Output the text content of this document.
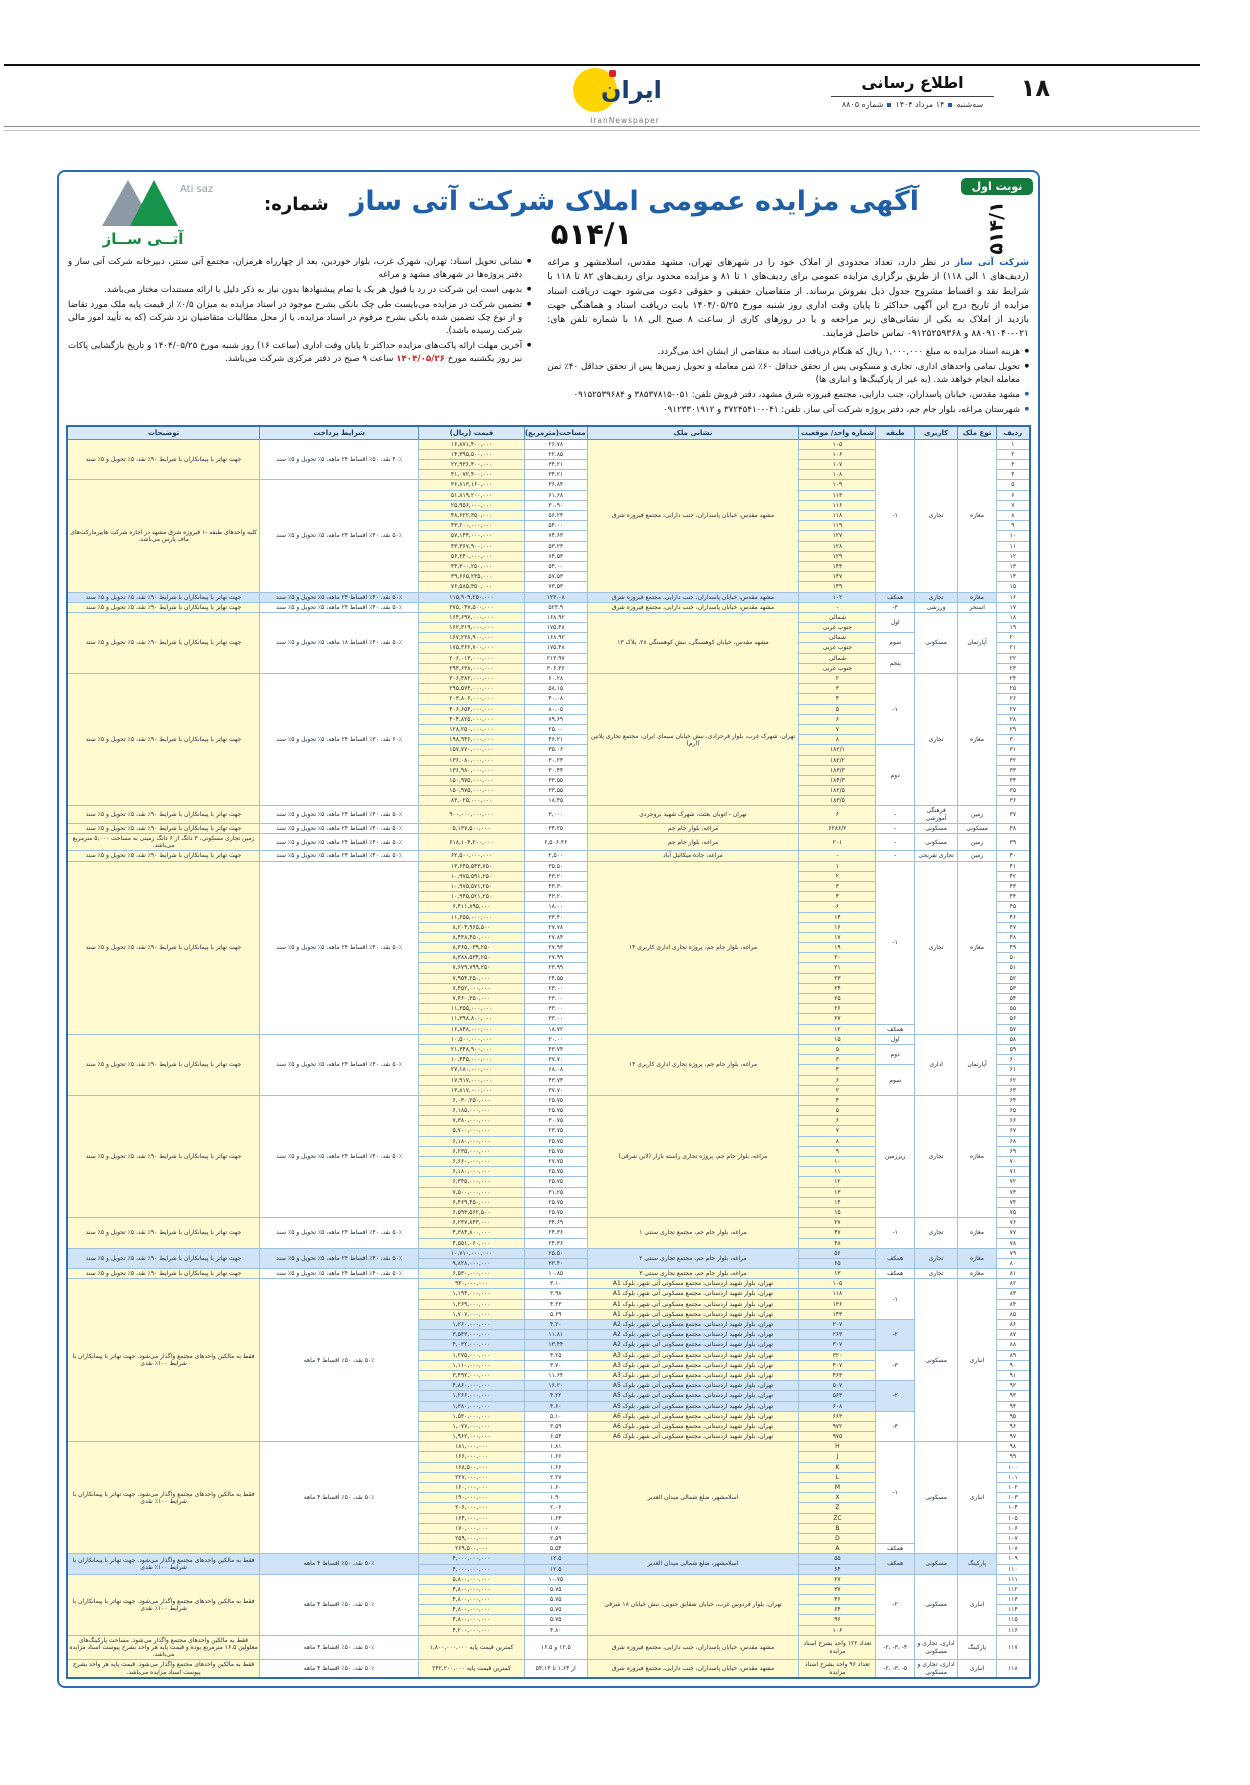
۱۸
اطلاع رسانی
سه‌شنبه۱۴ مرداد ۱۴۰۴شماره ۸۸۰۵
ایران
IranNewspaper
نوبت اول
۵۱۴/۱
آگهی مزایده عمومی املاک شرکت آتی ساز شماره: ۵۱۴/۱
Ati saz
آتــی ســاز

شرکت آتی ساز در نظر دارد، تعداد محدودی از املاک خود را در شهرهای تهران، مشهد مقدس، اسلامشهر و مراغه (ردیف‌های ۱ الی ۱۱۸) از طریق برگزاری مزایده عمومی برای ردیف‌های ۱ تا ۸۱ و مزایده محدود برای ردیف‌های ۸۲ تا ۱۱۸ با شرایط نقد و اقساط مشروح جدول ذیل بفروش برساند. از متقاضیان حقیقی و حقوقی دعوت می‌شود جهت دریافت اسناد مزایده از تاریخ درج این آگهی حداکثر تا پایان وقت اداری روز شنبه مورخ ۱۴۰۴/۰۵/۲۵ بابت دریافت اسناد و هماهنگی جهت بازدید از املاک به یکی از نشانی‌های زیر مراجعه و یا در روزهای کاری از ساعت ۸ صبح الی ۱۸ با شماره تلفن های: ۰۲۱-۸۸۰۹۱۰۴۰ و ۰۹۱۲۵۲۵۹۳۶۸ تماس حاصل فرمایند.

● هزینه اسناد مزایده به مبلغ ۱,۰۰۰,۰۰۰ ریال که هنگام دریافت اسناد به متقاضی از ایشان اخذ می‌گردد.
● تحویل تمامی واحدهای اداری، تجاری و مسکونی پس از تحقق حداقل ۶۰٪ ثمن معامله و تحویل زمین‌ها پس از تحقق حداقل ۴۰٪ ثمن معامله انجام خواهد شد. (به غیر از پارکینگ‌ها و انباری ها)
● مشهد مقدس، خیابان پاسداران، جنب دارایی، مجتمع فیروزه شرق مشهد، دفتر فروش تلفن: ۰۵۱-۳۸۵۳۷۸۱۵ و ۰۹۱۵۲۵۳۹۶۸۴
● شهرستان مراغه، بلوار جام جم، دفتر پروژه شرکت آتی ساز. تلفن: ۰۴۱-۳۷۲۴۵۴۱۰ و ۰۹۱۲۳۳۰۱۹۱۲
● نشانی تحویل اسناد: تهران، شهرک غرب، بلوار خوردین، بعد از چهارراه هرمزان، مجتمع آتی سنتر، دبیرخانه شرکت آتی ساز و دفتر پروژه‌ها در شهرهای مشهد و مراغه
● بدیهی است این شرکت در رد یا قبول هر یک یا تمام پیشنهادها بدون نیاز به ذکر دلیل با ارائه مستندات مختار می‌باشد.
● تضمین شرکت در مزایده می‌بایست طی چک بانکی بشرح موجود در اسناد مزایده به میزان ۰/۵٪ از قیمت پایه ملک مورد تقاضا و از نوع چک تضمین شده بانکی بشرح مرقوم در اسناد مزایده، یا از محل مطالبات متقاضیان نزد شرکت (که به تأیید امور مالی شرکت رسیده باشد).
● آخرین مهلت ارائه پاکت‌های مزایده حداکثر تا پایان وقت اداری (ساعت ۱۶) روز شنبه مورخ ۱۴۰۴/۰۵/۲۵ و تاریخ بازگشایی پاکات نیز روز یکشنبه مورخ ۱۴۰۴/۰۵/۲۶ ساعت ۹ صبح در دفتر مرکزی شرکت می‌باشد.
ردیف	نوع ملک	کاربری	طبقه	شماره واحد/ موقعیت	نشانی ملک	مساحت(مترمربع)	قیمت (ریال)	شرایط پرداخت	توضیحات
۱	مغازه	تجاری	-۱	۱۰۵	مشهد مقدس، خیابان پاسداران، جنب دارایی، مجتمع فیروزه شرق	۲۶.۷۸	۱۶,۸۷۱,۴۰۰,۰۰۰	۴۰٪ نقد، ۵۰٪ اقساط ۲۴ ماهه، ۵٪ تحویل و ۵٪ سند	جهت تهاتر با پیمانکاران با شرایط ۹۰٪ نقد، ۵٪ تحویل و ۵٪ سند
۲				۱۰۶		۲۲.۸۵	۱۴,۳۹۵,۵۰۰,۰۰۰		
۳				۱۰۷		۳۴.۲۱	۲۲,۹۳۶,۴۰۰,۰۰۰		
۴				۱۰۸		۳۴.۲۱	۴۱,۰۷۲,۴۰۰,۰۰۰		
۵				۱۰۹		۳۶.۸۴	۳۶,۸۱۳,۱۶۰,۰۰۰	۵۰٪ نقد، ۴۰٪ اقساط ۲۴ ماهه، ۵٪ تحویل و ۵٪ سند	کلیه واحدهای طبقه -۱ فیروزه شرق مشهد در اجاره شرکت هایپرمارکت‌های ماف پارس می‌باشد.
۶				۱۱۳		۶۱.۶۸	۵۱,۸۱۹,۲۰۰,۰۰۰		
۷				۱۱۶		۳۰.۹۰	۲۵,۹۵۶,۰۰۰,۰۰۰		
۸				۱۱۸		۵۶.۲۴	۴۸,۶۲۲,۳۵۰,۰۰۰		
۹				۱۱۹		۵۴.۰۰	۴۳,۲۰۰,۰۰۰,۰۰۰		
۱۰				۱۲۷		۷۴.۶۳	۵۷,۱۴۴,۰۰۰,۰۰۰		
۱۱				۱۲۸		۵۳.۲۳	۴۳,۳۶۷,۹۰۰,۰۰۰		
۱۲				۱۲۹		۷۴.۵۳	۵۶,۲۴۰,۰۰۰,۰۰۰		
۱۳				۱۴۳		۵۴.۰۰	۴۴,۳۰۰,۲۵۰,۰۰۰		
۱۴				۱۴۷		۵۷.۵۳	۳۹,۶۶۵,۲۳۵,۰۰۰		
۱۵				۱۴۹		۷۳.۵۳	۷۶,۵۸۵,۳۵۰,۰۰۰		
۱۶	مغازه	تجاری	همکف	۱۰۲	مشهد مقدس، خیابان پاسداران، جنب دارایی، مجتمع فیروزه شرق	۱۲۳.۰۸	۱۱۵,۹۰۹,۲۵۰,۰۰۰	۵۰٪ نقد، ۴۰٪ اقساط ۲۴ ماهه، ۵٪ تحویل و ۵٪ سند	جهت تهاتر با پیمانکاران با شرایط ۹۰٪ نقد، ۵٪ تحویل و ۵٪ سند
۱۷	استخر	ورزشی	-۳	-	مشهد مقدس، خیابان پاسداران، جنب دارایی، مجتمع فیروزه شرق	۵۲۳.۹	۲۷۵,۰۴۷,۵۰۰,۰۰۰	۵۰٪ نقد، ۴۰٪ اقساط ۲۴ ماهه، ۵٪ تحویل و ۵٪ سند	جهت تهاتر با پیمانکاران با شرایط ۹۰٪ نقد، ۵٪ تحویل و ۵٪ سند
۱۸	آپارتمان	مسکونی	اول	شمالی	مشهد مقدس، خیابان کوهسنگی، نبش کوهسنگی ۲۸، پلاک ۱۳	۱۶۸.۹۲	۱۶۴,۶۹۷,۰۰۰,۰۰۰	۵۰٪ نقد، ۴۰٪ اقساط ۱۸ ماهه، ۵٪ تحویل و ۵٪ سند	جهت تهاتر با پیمانکاران با شرایط ۹۰٪ نقد، ۵٪ تحویل و ۵٪ سند
۱۹				جنوب غربی		۱۷۵.۴۸	۱۶۲,۳۱۹,۰۰۰,۰۰۰		
۲۰			سوم	شمالی		۱۶۸.۹۲	۱۶۷,۲۳۸,۹۰۰,۰۰۰		
۲۱				جنوب غربی		۱۷۵.۴۸	۱۷۵,۳۶۶,۷۰۰,۰۰۰		
۲۲			پنجم	شمالی		۲۱۳.۹۷	۲۰۶,۰۱۳,۰۰۰,۰۰۰		
۲۳				جنوب غربی		۳۰۶.۳۶	۲۹۴,۶۳۸,۰۰۰,۰۰۰		
۲۴	مغازه	تجاری	-۱	۲	تهران، شهرک غرب، بلوار فرحزادی، نبش خیابان سیمای ایران، مجتمع تجاری پلاتین (ارم)	۶۰.۲۸	۳۰۶,۴۸۲,۰۰۰,۰۰۰	۶۰٪ نقد، ۳۰٪ اقساط ۲۴ ماهه، ۵٪ تحویل و ۵٪ سند	جهت تهاتر با پیمانکاران با شرایط ۹۰٪ نقد، ۵٪ تحویل و ۵٪ سند
۲۵				۳		۵۸.۱۵	۲۹۵,۵۷۴,۰۰۰,۰۰۰		
۲۶				۴		۴۰.۰۸	۲۰۳,۸۰۶,۰۰۰,۰۰۰		
۲۷				۵		۸۰.۰۵	۴۰۶,۶۵۴,۰۰۰,۰۰۰		
۲۸				۶		۷۹.۶۹	۴۰۴,۸۲۵,۰۰۰,۰۰۰		
۲۹				۷		۲۵.۰۰	۱۲۸,۲۵۰,۰۰۰,۰۰۰		
۳۰				۸		۴۶.۲۱	۱۹۸,۹۴۶,۰۰۰,۰۰۰		
۳۱			دوم	۱۸۲/۱		۳۵.۰۶	۱۵۷,۷۷۰,۰۰۰,۰۰۰		
۳۲				۱۸۲/۲		۳۰.۲۴	۱۳۶,۰۸۰,۰۰۰,۰۰۰		
۳۳				۱۸۳/۳		۳۰.۴۴	۱۳۶,۹۸۰,۰۰۰,۰۰۰		
۳۴				۱۸۴/۳		۳۳.۵۵	۱۵۰,۹۷۵,۰۰۰,۰۰۰		
۳۵				۱۸۲/۵		۳۳.۵۵	۱۵۰,۹۷۵,۰۰۰,۰۰۰		
۳۶				۱۸۳/۵		۱۸.۴۵	۸۳,۰۲۵,۰۰۰,۰۰۰		
۳۷	زمین	فرهنگی آموزشی	-	۶	تهران - اتوبان بعثت، شهرک شهید بروجردی	۳,۰۰۰	۹۰۰,۰۰۰,۰۰۰,۰۰۰	۵۰٪ نقد، ۴۰٪ اقساط ۲۴ ماهه، ۵٪ تحویل و ۵٪ سند	جهت تهاتر با پیمانکاران با شرایط ۹۰٪ نقد، ۵٪ تحویل و ۵٪ سند
۳۸	مسکونی	مسکونی	-	۶۲۸۶/۲	مراغه، بلوار جام جم	۳۴.۲۵	۵,۱۳۷,۵۰۰,۰۰۰	۵۰٪ نقد، ۴۰٪ اقساط ۲۴ ماهه، ۵٪ تحویل و ۵٪ سند	جهت تهاتر با پیمانکاران با شرایط ۹۰٪ نقد، ۵٪ تحویل و ۵٪ سند
۳۹	زمین	مسکونی	-	۲۰۱	مراغه، بلوار جام جم	۶,۵۰۶.۳۶	۶۱۸,۱۰۴,۲۰۰,۰۰۰	۵۰٪ نقد، ۴۰٪ اقساط ۲۴ ماهه، ۵٪ تحویل و ۵٪ سند	زمین تجاری مسکونی، ۳ دانگ از ۶ دانگ زمینی به مساحت ۵,۰۰۰ مترمربع می‌باشد.
۴۰	زمین	تجاری تفریحی	-	-	مراغه، جاده میکائیل آباد	۲,۵۰۰	۶۲,۵۰۰,۰۰۰,۰۰۰	۵۰٪ نقد، ۴۰٪ اقساط ۲۴ ماهه، ۵٪ تحویل و ۵٪ سند	جهت تهاتر با پیمانکاران با شرایط ۹۰٪ نقد، ۵٪ تحویل و ۵٪ سند
۴۱	مغازه	تجاری	-۱	۱	مراغه، بلوار جام جم، پروژه تجاری اداری کاربری ۱۴	۳۵.۵۰	۱۳,۶۴۵,۵۴۳,۷۵۰	۵۰٪ نقد، ۴۰٪ اقساط ۲۴ ماهه، ۵٪ تحویل و ۵٪ سند	جهت تهاتر با پیمانکاران با شرایط ۹۰٪ نقد، ۵٪ تحویل و ۵٪ سند
۴۲				۲		۴۳.۲۰	۱۰,۹۷۵,۵۹۱,۲۵۰		
۴۳				۳		۴۳.۳۰	۱۰,۹۷۵,۵۷۱,۲۵۰		
۴۴				۴		۴۳.۲۰	۱۰,۹۴۵,۵۲۱,۲۵۰		
۴۵				۶		۱۸.۰۰	۶,۴۱۱,۸۹۵,۰۰۰		
۴۶				۱۴		۳۳.۴۰	۱۱,۶۵۵,۰۰۰,۰۰۰		
۴۷				۱۶		۲۷.۷۸	۸,۲۰۴,۹۶۵,۵۰۰		
۴۸				۱۷		۲۷.۸۴	۸,۴۴۸,۴۵۰,۰۰۰		
۴۹				۱۹		۲۷.۹۳	۸,۳۶۵,۰۳۹,۲۵۰		
۵۰				۲۰		۲۷.۹۹	۸,۳۸۸,۵۳۴,۲۵۰		
۵۱				۲۱		۲۳.۹۹	۷,۶۷۹,۷۹۹,۲۵۰		
۵۲				۲۳		۲۴.۵۵	۷,۹۵۴,۲۵۰,۰۰۰		
۵۳				۲۴		۲۳.۰۰	۷,۴۵۲,۰۰۰,۰۰۰		
۵۴				۲۵		۲۳.۰۰	۷,۴۶۰,۳۵۰,۰۰۰		
۵۵				۲۶		۳۳.۰۰	۱۱,۳۵۵,۰۰۰,۰۰۰		
۵۶				۲۷		۳۳.۰۰	۱۱,۳۹۸,۸۰۰,۰۰۰		
۵۷			همکف	۱۲		۱۸.۷۲	۱۶,۸۴۸,۰۰۰,۰۰۰		
۵۸	آپارتمان	اداری	اول	۱۵	مراغه، بلوار جام جم، پروژه تجاری اداری کاربری ۱۴	۳۰.۰۰	۱۰,۵۰۰,۰۰۰,۰۰۰	۵۰٪ نقد، ۴۰٪ اقساط ۲۴ ماهه، ۵٪ تحویل و ۵٪ سند	جهت تهاتر با پیمانکاران با شرایط ۹۰٪ نقد، ۵٪ تحویل و ۵٪ سند
۵۹			دوم	۵		۴۳.۷۴	۲۱,۳۴۸,۹۰۰,۰۰۰		
۶۰				۳		۳۷.۷۰	۱۰,۴۴۵,۰۰۰,۰۰۰		
۶۱			سوم	۴		۶۸.۰۸	۲۷,۱۸۰,۰۰۰,۰۰۰		
۶۲				۶		۴۳.۷۴	۱۷,۹۱۷,۰۰۰,۰۰۰		
۶۳				۲		۳۷.۷۰	۱۳,۸۱۷,۰۰۰,۰۰۰		
۶۴	مغازه	تجاری	زیرزمین	۴	مراغه، بلوار جام جم، پروژه تجاری راسته بازار (لاین شرقی)	۲۵.۷۵	۶,۰۳۰,۲۵۰,۰۰۰	۵۰٪ نقد، ۴۰٪ اقساط ۲۴ ماهه، ۵٪ تحویل و ۵٪ سند	جهت تهاتر با پیمانکاران با شرایط ۹۰٪ نقد، ۵٪ تحویل و ۵٪ سند
۶۵				۵		۲۵.۷۵	۶,۱۸۵,۰۰۰,۰۰۰		
۶۶				۶		۳۰.۷۵	۷,۳۸۰,۰۰۰,۰۰۰		
۶۷				۷		۲۳.۷۵	۵,۷۰۰,۰۰۰,۰۰۰		
۶۸				۸		۲۵.۷۵	۶,۱۸۰,۰۰۰,۰۰۰		
۶۹				۹		۲۵.۷۵	۶,۲۳۵,۰۰۰,۰۰۰		
۷۰				۱۰		۲۷.۷۵	۶,۶۶۰,۰۰۰,۰۰۰		
۷۱				۱۱		۲۵.۷۵	۶,۱۸۰,۰۰۰,۰۰۰		
۷۲				۱۲		۲۵.۷۵	۶,۳۴۵,۰۰۰,۰۰۰		
۷۳				۱۳		۳۱.۲۵	۷,۵۰۰,۰۰۰,۰۰۰		
۷۴				۱۴		۲۵.۷۵	۶,۴۶۹,۴۵۰,۰۰۰		
۷۵				۱۵		۲۵.۷۵	۶,۵۹۳,۵۶۲,۵۰۰		
۷۶	مغازه	تجاری	-۱	۲۷	مراغه، بلوار جام جم، مجتمع تجاری سنتی ۱	۳۴.۶۹	۶,۲۳۷,۸۴۳,۰۰۰	۵۰٪ نقد، ۴۰٪ اقساط ۲۴ ماهه، ۵٪ تحویل و ۵٪ سند	جهت تهاتر با پیمانکاران با شرایط ۹۰٪ نقد، ۵٪ تحویل و ۵٪ سند
۷۷				۴۷		۲۴.۳۶	۴,۳۸۴,۸۰۰,۰۰۰		
۷۸				۴۸		۲۴.۳۶	۴,۵۵۱,۰۶۰,۰۰۰		
۷۹	مغازه	تجاری	همکف	۵۶	مراغه، بلوار جام جم، مجتمع تجاری سنتی ۲	۲۵.۵۰	۱۰,۷۱۰,۰۰۰,۰۰۰	۵۰٪ نقد، ۴۰٪ اقساط ۲۴ ماهه، ۵٪ تحویل و ۵٪ سند	جهت تهاتر با پیمانکاران با شرایط ۹۰٪ نقد، ۵٪ تحویل و ۵٪ سند
۸۰				۶۵		۲۳.۴۰	۹,۸۲۸,۰۰۰,۰۰۰		
۸۱	مغازه	تجاری	همکف	۱۳	مراغه، بلوار جام جم، مجتمع تجاری سنتی ۳	۱۰.۸۵	۶,۵۳۰,۰۰۰,۰۰۰	۵۰٪ نقد، ۴۰٪ اقساط ۲۴ ماهه، ۵٪ تحویل و ۵٪ سند	جهت تهاتر با پیمانکاران با شرایط ۹۰٪ نقد، ۵٪ تحویل و ۵٪ سند
۸۲	انباری	مسکونی	-۱	۱۰۵	تهران، بلوار شهید اردستانی، مجتمع مسکونی آتی شهر، بلوک A1	۳.۱۰	۹۳۰,۰۰۰,۰۰۰	۵۰٪ نقد، ۵۰٪ اقساط ۴ ماهه	فقط به مالکین واحدهای مجتمع واگذار می‌شود. جهت تهاتر با پیمانکاران با شرایط ۱۰۰٪ نقدی
۸۳				۱۱۸	تهران، بلوار شهید اردستانی، مجتمع مسکونی آتی شهر، بلوک A1	۳.۹۸	۱,۱۹۴,۰۰۰,۰۰۰		
۸۴				۱۳۶	تهران، بلوار شهید اردستانی، مجتمع مسکونی آتی شهر، بلوک A1	۴.۲۳	۱,۲۶۹,۰۰۰,۰۰۰		
۸۵				۱۴۳	تهران، بلوار شهید اردستانی، مجتمع مسکونی آتی شهر، بلوک A1	۵.۶۹	۱,۷۰۷,۰۰۰,۰۰۰		
۸۶			-۲	۲۰۷	تهران، بلوار شهید اردستانی، مجتمع مسکونی آتی شهر، بلوک A2	۴.۲۰	۱,۲۶۰,۰۰۰,۰۰۰		
۸۷				۲۶۳	تهران، بلوار شهید اردستانی، مجتمع مسکونی آتی شهر، بلوک A2	۱۱.۸۱	۳,۵۴۳,۰۰۰,۰۰۰		
۸۸				۳۰۷	تهران، بلوار شهید اردستانی، مجتمع مسکونی آتی شهر، بلوک A2	۱۳.۴۴	۴,۰۳۲,۰۰۰,۰۰۰		
۸۹			-۳	۳۲۰	تهران، بلوار شهید اردستانی، مجتمع مسکونی آتی شهر، بلوک A3	۴.۲۵	۱,۲۷۵,۰۰۰,۰۰۰		
۹۰				۴۰۷	تهران، بلوار شهید اردستانی، مجتمع مسکونی آتی شهر، بلوک A3	۳.۷۰	۱,۱۱۰,۰۰۰,۰۰۰		
۹۱				۴۶۳	تهران، بلوار شهید اردستانی، مجتمع مسکونی آتی شهر، بلوک A3	۱۱.۶۴	۳,۴۹۲,۰۰۰,۰۰۰		
۹۲			-۲	۵۰۷	تهران، بلوار شهید اردستانی، مجتمع مسکونی آتی شهر، بلوک A5	۱۶.۲۰	۴,۸۶۰,۰۰۰,۰۰۰		
۹۳				۵۶۳	تهران، بلوار شهید اردستانی، مجتمع مسکونی آتی شهر، بلوک A5	۴.۲۲	۱,۲۶۶,۰۰۰,۰۰۰		
۹۴				۶۰۸	تهران، بلوار شهید اردستانی، مجتمع مسکونی آتی شهر، بلوک A5	۴.۶۰	۱,۳۸۰,۰۰۰,۰۰۰		
۹۵			-۳	۶۶۳	تهران، بلوار شهید اردستانی، مجتمع مسکونی آتی شهر، بلوک A6	۵.۱۰	۱,۵۳۰,۰۰۰,۰۰۰		
۹۶				۹۷۲	تهران، بلوار شهید اردستانی، مجتمع مسکونی آتی شهر، بلوک A6	۳.۵۹	۱,۰۷۷,۰۰۰,۰۰۰		
۹۷				۹۷۵	تهران، بلوار شهید اردستانی، مجتمع مسکونی آتی شهر، بلوک A6	۶.۵۴	۱,۹۶۲,۰۰۰,۰۰۰		
۹۸	انباری	مسکونی	-۱	H	اسلامشهر، ضلع شمالی میدان الغدیر	۱.۸۱	۱۸۱,۰۰۰,۰۰۰	۵۰٪ نقد، ۵۰٪ اقساط ۴ ماهه	فقط به مالکین واحدهای مجتمع واگذار می‌شود. جهت تهاتر با پیمانکاران با شرایط ۱۰۰٪ نقدی
۹۹				J		۱.۶۶	۱۶۶,۰۰۰,۰۰۰		
۱۰۰				K		۱.۶۶	۱۶۸,۵۰۰,۰۰۰		
۱۰۱				L		۲.۲۷	۲۲۷,۰۰۰,۰۰۰		
۱۰۲				M		۱.۶۰	۱۶۰,۰۰۰,۰۰۰		
۱۰۳				X		۱.۹۰	۱۹۰,۰۰۰,۰۰۰		
۱۰۴				Z		۲.۰۶	۲۰۶,۰۰۰,۰۰۰		
۱۰۵				ZC		۱.۶۴	۱۶۴,۰۰۰,۰۰۰		
۱۰۶				B		۱.۷۰	۱۷۰,۰۰۰,۰۰۰		
۱۰۷				D		۲.۵۹	۲۵۹,۰۰۰,۰۰۰		
۱۰۸			همکف	A		۵.۵۴	۲۶۹,۵۰۰,۰۰۰		
۱۰۹	پارکینگ	مسکونی	همکف	۵۵	اسلامشهر، ضلع شمالی میدان الغدیر	۱۲.۵	۴,۰۰۰,۰۰۰,۰۰۰	۵۰٪ نقد، ۵۰٪ اقساط ۴ ماهه	فقط به مالکین واحدهای مجتمع واگذار می‌شود. جهت تهاتر با پیمانکاران با شرایط ۱۰۰٪ نقدی
۱۱۰				۶۴		۱۲.۵	۴,۰۰۰,۰۰۰,۰۰۰		
۱۱۱	انباری	مسکونی	-۲	۲۷	تهران، بلوار فردوس غرب، خیابان شقایق جنوبی، نبش خیابان ۱۸ شرقی	۱۰.۷۵	۵,۸۰۰,۰۰۰,۰۰۰	۵۰٪ نقد، ۵۰٪ اقساط ۴ ماهه	فقط به مالکین واحدهای مجتمع واگذار می‌شود. جهت تهاتر با پیمانکاران با شرایط ۱۰۰٪ نقدی
۱۱۲				۳۷		۵.۷۵	۴,۸۰۰,۰۰۰,۰۰۰		
۱۱۳				۴۶		۵.۷۵	۴,۸۰۰,۰۰۰,۰۰۰		
۱۱۴				۶۴		۵.۷۵	۴,۸۰۰,۰۰۰,۰۰۰		
۱۱۵				۹۶		۵.۷۵	۴,۸۰۰,۰۰۰,۰۰۰		
۱۱۶				۱۰۶		۴.۸۰	۴,۲۰۰,۰۰۰,۰۰۰		
۱۱۷	پارکینگ	اداری، تجاری و مسکونی	-۲، -۳، -۴	تعداد ۱۲۲ واحد بشرح اسناد مزایده	مشهد مقدس، خیابان پاسداران، جنب دارایی، مجتمع فیروزه شرق	۱۲.۵ و ۱۶.۵	کمترین قیمت پایه ۱,۸۰۰,۰۰۰,۰۰۰	۵۰٪ نقد، ۵۰٪ اقساط ۴ ماهه	فقط به مالکین واحدهای مجتمع واگذار می‌شود. مساحت پارکینگ‌های معلولین ۱۶.۵ مترمربع بوده و قیمت پایه هر واحد بشرح پیوست اسناد مزایده می‌باشد.
۱۱۸	انباری	اداری، تجاری و مسکونی	-۲، -۳، -۵	تعداد ۹۶ واحد بشرح اسناد مزایده	مشهد مقدس، خیابان پاسداران، جنب دارایی، مجتمع فیروزه شرق	از ۱.۶۴ تا ۵۴.۱۳	کمترین قیمت پایه ۲۴۲,۲۰۰,۰۰۰	۵۰٪ نقد، ۵۰٪ اقساط ۴ ماهه	فقط به مالکین واحدهای مجتمع واگذار می‌شود. قیمت پایه هر واحد بشرح پیوست اسناد مزایده می‌باشد.
